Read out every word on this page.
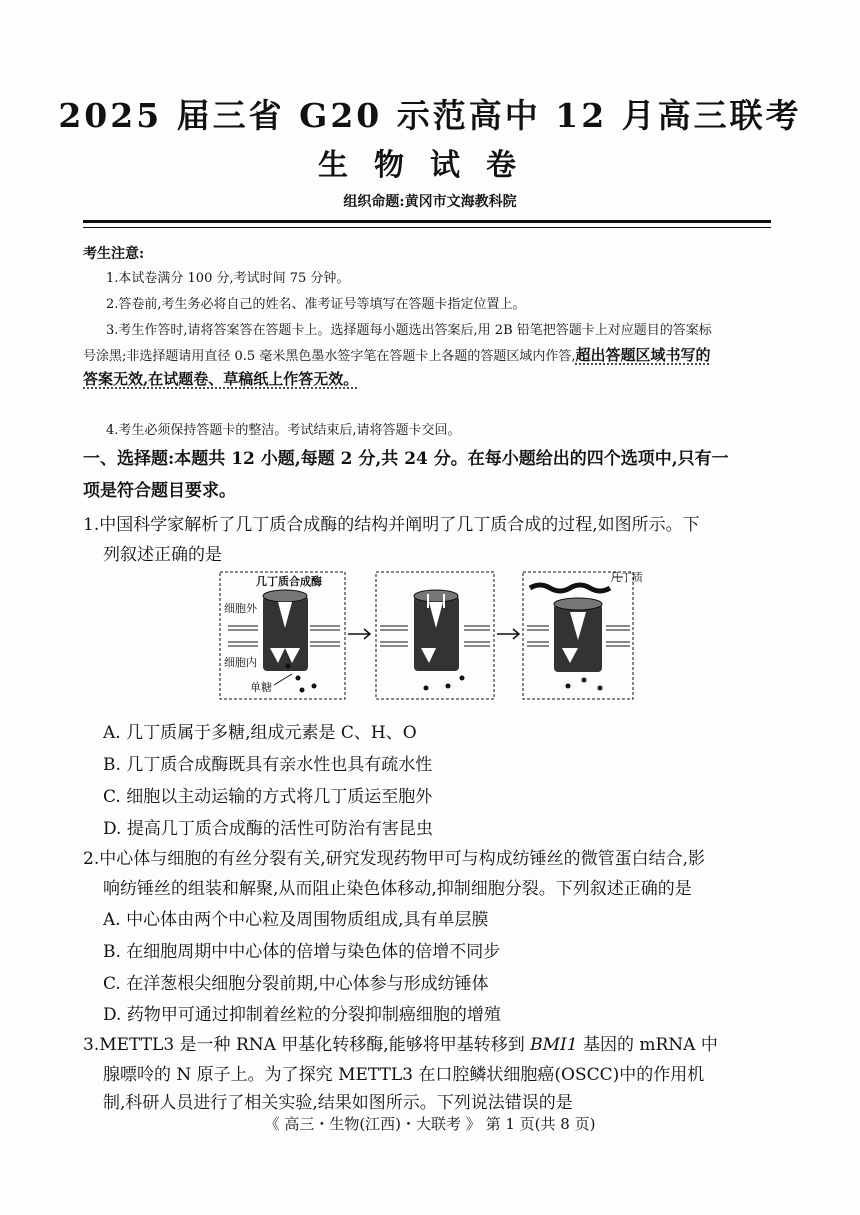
2025 届三省 G20 示范高中 12 月高三联考
生物试卷
组织命题:黄冈市文海教科院
考生注意:
1.本试卷满分 100 分,考试时间 75 分钟。
2.答卷前,考生务必将自己的姓名、准考证号等填写在答题卡指定位置上。
3.考生作答时,请将答案答在答题卡上。选择题每小题选出答案后,用 2B 铅笔把答题卡上对应题目的答案标
号涂黑;非选择题请用直径 0.5 毫米黑色墨水签字笔在答题卡上各题的答题区域内作答,超出答题区域书写的
答案无效,在试题卷、草稿纸上作答无效。
4.考生必须保持答题卡的整洁。考试结束后,请将答题卡交回。
一、选择题:本题共 12 小题,每题 2 分,共 24 分。在每小题给出的四个选项中,只有一
项是符合题目要求。
1.中国科学家解析了几丁质合成酶的结构并阐明了几丁质合成的过程,如图所示。下
列叙述正确的是
几丁质合成酶
细胞外
细胞内
单糖
几丁质
A. 几丁质属于多糖,组成元素是 C、H、O
B. 几丁质合成酶既具有亲水性也具有疏水性
C. 细胞以主动运输的方式将几丁质运至胞外
D. 提高几丁质合成酶的活性可防治有害昆虫
2.中心体与细胞的有丝分裂有关,研究发现药物甲可与构成纺锤丝的微管蛋白结合,影
响纺锤丝的组装和解聚,从而阻止染色体移动,抑制细胞分裂。下列叙述正确的是
A. 中心体由两个中心粒及周围物质组成,具有单层膜
B. 在细胞周期中中心体的倍增与染色体的倍增不同步
C. 在洋葱根尖细胞分裂前期,中心体参与形成纺锤体
D. 药物甲可通过抑制着丝粒的分裂抑制癌细胞的增殖
3.METTL3 是一种 RNA 甲基化转移酶,能够将甲基转移到 BMI1 基因的 mRNA 中
腺嘌呤的 N 原子上。为了探究 METTL3 在口腔鳞状细胞癌(OSCC)中的作用机
制,科研人员进行了相关实验,结果如图所示。下列说法错误的是
《 高三・生物(江西)・大联考 》 第 1 页(共 8 页)
